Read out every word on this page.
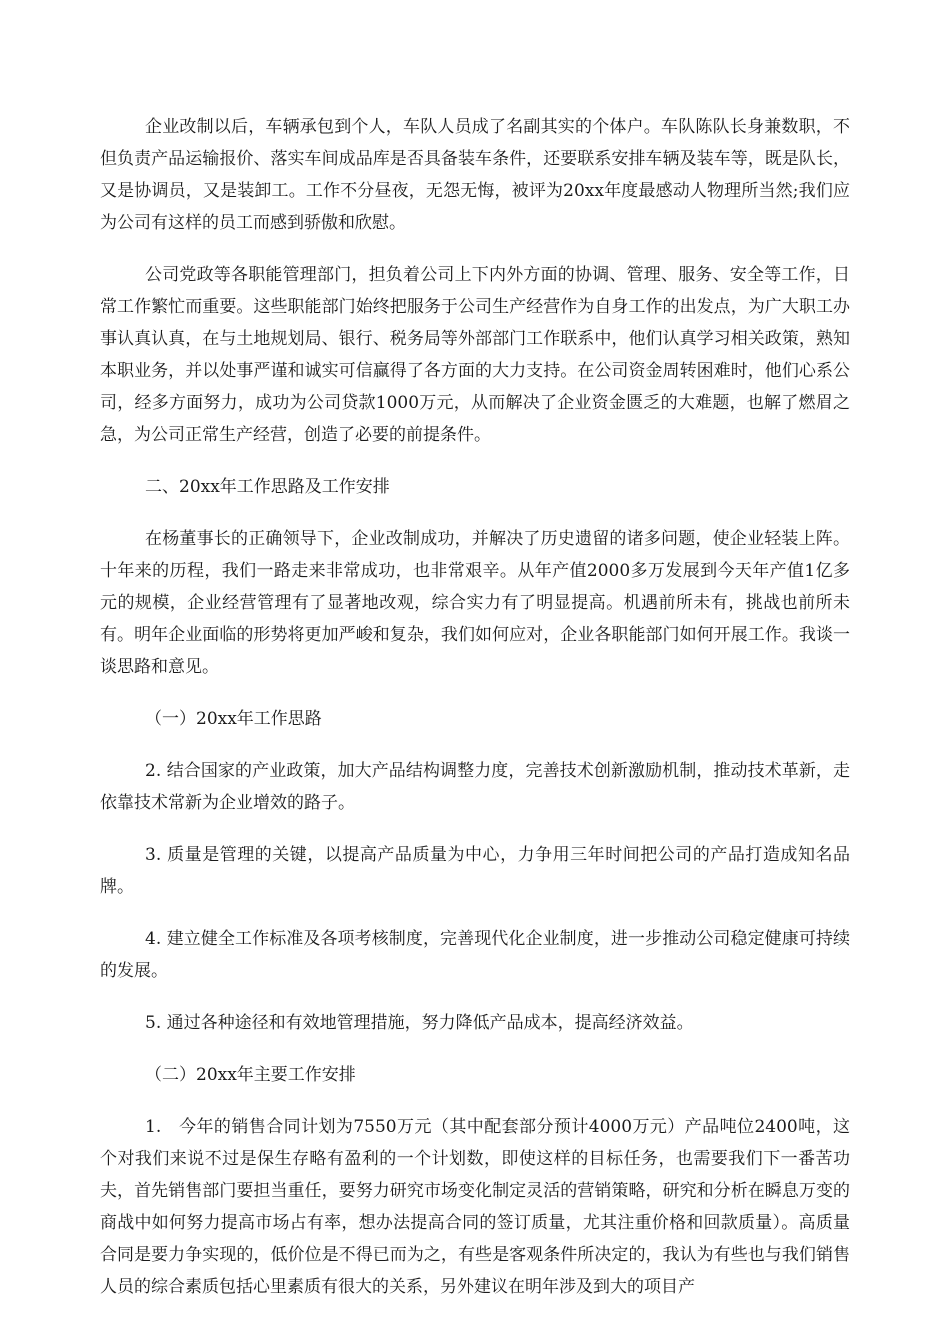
企业改制以后，车辆承包到个人，车队人员成了名副其实的个体户。车队陈队长身兼数职，不但负责产品运输报价、落实车间成品库是否具备装车条件，还要联系安排车辆及装车等，既是队长，又是协调员，又是装卸工。工作不分昼夜，无怨无悔，被评为20xx年度最感动人物理所当然;我们应为公司有这样的员工而感到骄傲和欣慰。

公司党政等各职能管理部门，担负着公司上下内外方面的协调、管理、服务、安全等工作，日常工作繁忙而重要。这些职能部门始终把服务于公司生产经营作为自身工作的出发点，为广大职工办事认真认真，在与土地规划局、银行、税务局等外部部门工作联系中，他们认真学习相关政策，熟知本职业务，并以处事严谨和诚实可信赢得了各方面的大力支持。在公司资金周转困难时，他们心系公司，经多方面努力，成功为公司贷款1000万元，从而解决了企业资金匮乏的大难题，也解了燃眉之急，为公司正常生产经营，创造了必要的前提条件。

二、20xx年工作思路及工作安排

在杨董事长的正确领导下，企业改制成功，并解决了历史遗留的诸多问题，使企业轻装上阵。十年来的历程，我们一路走来非常成功，也非常艰辛。从年产值2000多万发展到今天年产值1亿多元的规模，企业经营管理有了显著地改观，综合实力有了明显提高。机遇前所未有，挑战也前所未有。明年企业面临的形势将更加严峻和复杂，我们如何应对，企业各职能部门如何开展工作。我谈一谈思路和意见。

（一）20xx年工作思路

2. 结合国家的产业政策，加大产品结构调整力度，完善技术创新激励机制，推动技术革新，走依靠技术常新为企业增效的路子。

3. 质量是管理的关键，以提高产品质量为中心，力争用三年时间把公司的产品打造成知名品牌。

4. 建立健全工作标准及各项考核制度，完善现代化企业制度，进一步推动公司稳定健康可持续的发展。

5. 通过各种途径和有效地管理措施，努力降低产品成本，提高经济效益。

（二）20xx年主要工作安排

1.　今年的销售合同计划为7550万元（其中配套部分预计4000万元）产品吨位2400吨，这个对我们来说不过是保生存略有盈利的一个计划数，即使这样的目标任务，也需要我们下一番苦功夫，首先销售部门要担当重任，要努力研究市场变化制定灵活的营销策略，研究和分析在瞬息万变的商战中如何努力提高市场占有率，想办法提高合同的签订质量，尤其注重价格和回款质量）。高质量合同是要力争实现的，低价位是不得已而为之，有些是客观条件所决定的，我认为有些也与我们销售人员的综合素质包括心里素质有很大的关系，另外建议在明年涉及到大的项目产
